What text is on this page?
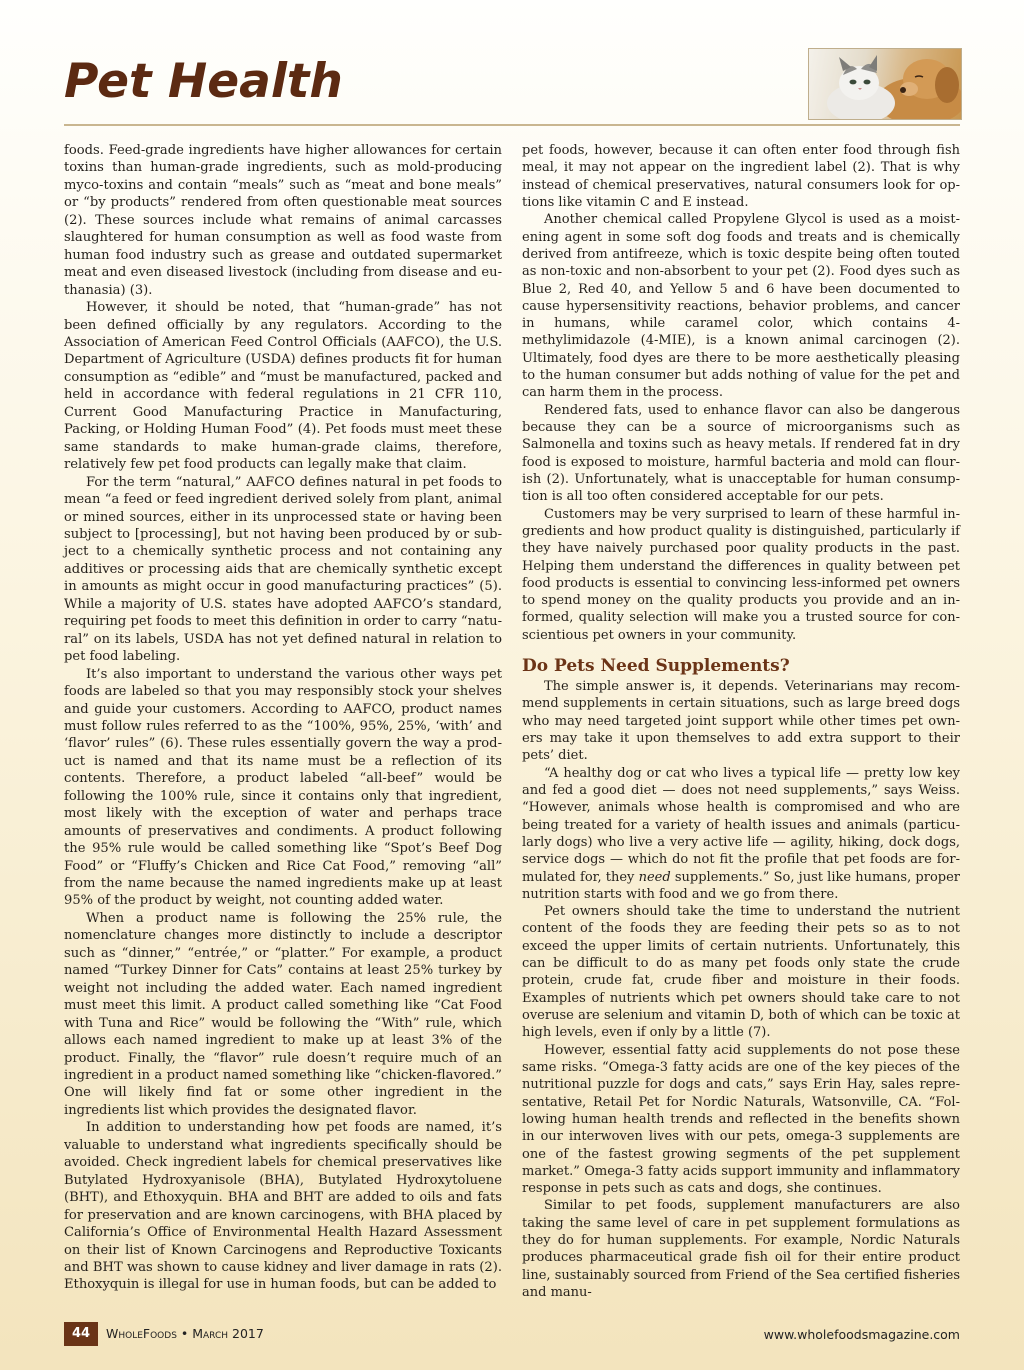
Pet Health

foods. Feed-grade ingredients have higher allowances for certain toxins than human-grade ingredients, such as mold-producing myco-toxins and contain “meals” such as “meat and bone meals” or “by products” rendered from often questionable meat sources (2). These sources include what remains of animal carcasses slaughtered for human consumption as well as food waste from human food industry such as grease and outdated supermarket meat and even diseased livestock (including from disease and euthanasia) (3).

However, it should be noted, that “human-grade” has not been defined officially by any regulators. According to the Association of American Feed Control Officials (AAFCO), the U.S. Department of Agriculture (USDA) defines products fit for human consumption as “edible” and “must be manufactured, packed and held in accordance with federal regulations in 21 CFR 110, Current Good Manufacturing Practice in Manufacturing, Packing, or Holding Human Food” (4). Pet foods must meet these same standards to make human-grade claims, therefore, relatively few pet food products can legally make that claim.

For the term “natural,” AAFCO defines natural in pet foods to mean “a feed or feed ingredient derived solely from plant, animal or mined sources, either in its unprocessed state or having been subject to [processing], but not having been produced by or subject to a chemically synthetic process and not containing any additives or processing aids that are chemically synthetic except in amounts as might occur in good manufacturing practices” (5). While a majority of U.S. states have adopted AAFCO’s standard, requiring pet foods to meet this definition in order to carry “natural” on its labels, USDA has not yet defined natural in relation to pet food labeling.

It’s also important to understand the various other ways pet foods are labeled so that you may responsibly stock your shelves and guide your customers. According to AAFCO, product names must follow rules referred to as the “100%, 95%, 25%, ‘with’ and ‘flavor’ rules” (6). These rules essentially govern the way a product is named and that its name must be a reflection of its contents. Therefore, a product labeled “all-beef” would be following the 100% rule, since it contains only that ingredient, most likely with the exception of water and perhaps trace amounts of preservatives and condiments. A product following the 95% rule would be called something like “Spot’s Beef Dog Food” or “Fluffy’s Chicken and Rice Cat Food,” removing “all” from the name because the named ingredients make up at least 95% of the product by weight, not counting added water.

When a product name is following the 25% rule, the nomenclature changes more distinctly to include a descriptor such as “dinner,” “entrée,” or “platter.” For example, a product named “Turkey Dinner for Cats” contains at least 25% turkey by weight not including the added water. Each named ingredient must meet this limit. A product called something like “Cat Food with Tuna and Rice” would be following the “With” rule, which allows each named ingredient to make up at least 3% of the product. Finally, the “flavor” rule doesn’t require much of an ingredient in a product named something like “chicken-flavored.” One will likely find fat or some other ingredient in the ingredients list which provides the designated flavor.

In addition to understanding how pet foods are named, it’s valuable to understand what ingredients specifically should be avoided. Check ingredient labels for chemical preservatives like Butylated Hydroxyanisole (BHA), Butylated Hydroxytoluene (BHT), and Ethoxyquin. BHA and BHT are added to oils and fats for preservation and are known carcinogens, with BHA placed by California’s Office of Environmental Health Hazard Assessment on their list of Known Carcinogens and Reproductive Toxicants and BHT was shown to cause kidney and liver damage in rats (2). Ethoxyquin is illegal for use in human foods, but can be added to

pet foods, however, because it can often enter food through fish meal, it may not appear on the ingredient label (2). That is why instead of chemical preservatives, natural consumers look for options like vitamin C and E instead.

Another chemical called Propylene Glycol is used as a moistening agent in some soft dog foods and treats and is chemically derived from antifreeze, which is toxic despite being often touted as non-toxic and non-absorbent to your pet (2). Food dyes such as Blue 2, Red 40, and Yellow 5 and 6 have been documented to cause hypersensitivity reactions, behavior problems, and cancer in humans, while caramel color, which contains 4-methylimidazole (4-MIE), is a known animal carcinogen (2). Ultimately, food dyes are there to be more aesthetically pleasing to the human consumer but adds nothing of value for the pet and can harm them in the process.

Rendered fats, used to enhance flavor can also be dangerous because they can be a source of microorganisms such as Salmonella and toxins such as heavy metals. If rendered fat in dry food is exposed to moisture, harmful bacteria and mold can flourish (2). Unfortunately, what is unacceptable for human consumption is all too often considered acceptable for our pets.

Customers may be very surprised to learn of these harmful ingredients and how product quality is distinguished, particularly if they have naively purchased poor quality products in the past. Helping them understand the differences in quality between pet food products is essential to convincing less-informed pet owners to spend money on the quality products you provide and an informed, quality selection will make you a trusted source for conscientious pet owners in your community.

Do Pets Need Supplements?

The simple answer is, it depends. Veterinarians may recommend supplements in certain situations, such as large breed dogs who may need targeted joint support while other times pet owners may take it upon themselves to add extra support to their pets’ diet.

“A healthy dog or cat who lives a typical life — pretty low key and fed a good diet — does not need supplements,” says Weiss. “However, animals whose health is compromised and who are being treated for a variety of health issues and animals (particularly dogs) who live a very active life — agility, hiking, dock dogs, service dogs — which do not fit the profile that pet foods are formulated for, they need supplements.” So, just like humans, proper nutrition starts with food and we go from there.

Pet owners should take the time to understand the nutrient content of the foods they are feeding their pets so as to not exceed the upper limits of certain nutrients. Unfortunately, this can be difficult to do as many pet foods only state the crude protein, crude fat, crude fiber and moisture in their foods. Examples of nutrients which pet owners should take care to not overuse are selenium and vitamin D, both of which can be toxic at high levels, even if only by a little (7).

However, essential fatty acid supplements do not pose these same risks. “Omega-3 fatty acids are one of the key pieces of the nutritional puzzle for dogs and cats,” says Erin Hay, sales representative, Retail Pet for Nordic Naturals, Watsonville, CA. “Following human health trends and reflected in the benefits shown in our interwoven lives with our pets, omega-3 supplements are one of the fastest growing segments of the pet supplement market.” Omega-3 fatty acids support immunity and inflammatory response in pets such as cats and dogs, she continues.

Similar to pet foods, supplement manufacturers are also taking the same level of care in pet supplement formulations as they do for human supplements. For example, Nordic Naturals produces pharmaceutical grade fish oil for their entire product line, sustainably sourced from Friend of the Sea certified fisheries and manu-

44	WholeFoods • March 2017	www.wholefoodsmagazine.com
